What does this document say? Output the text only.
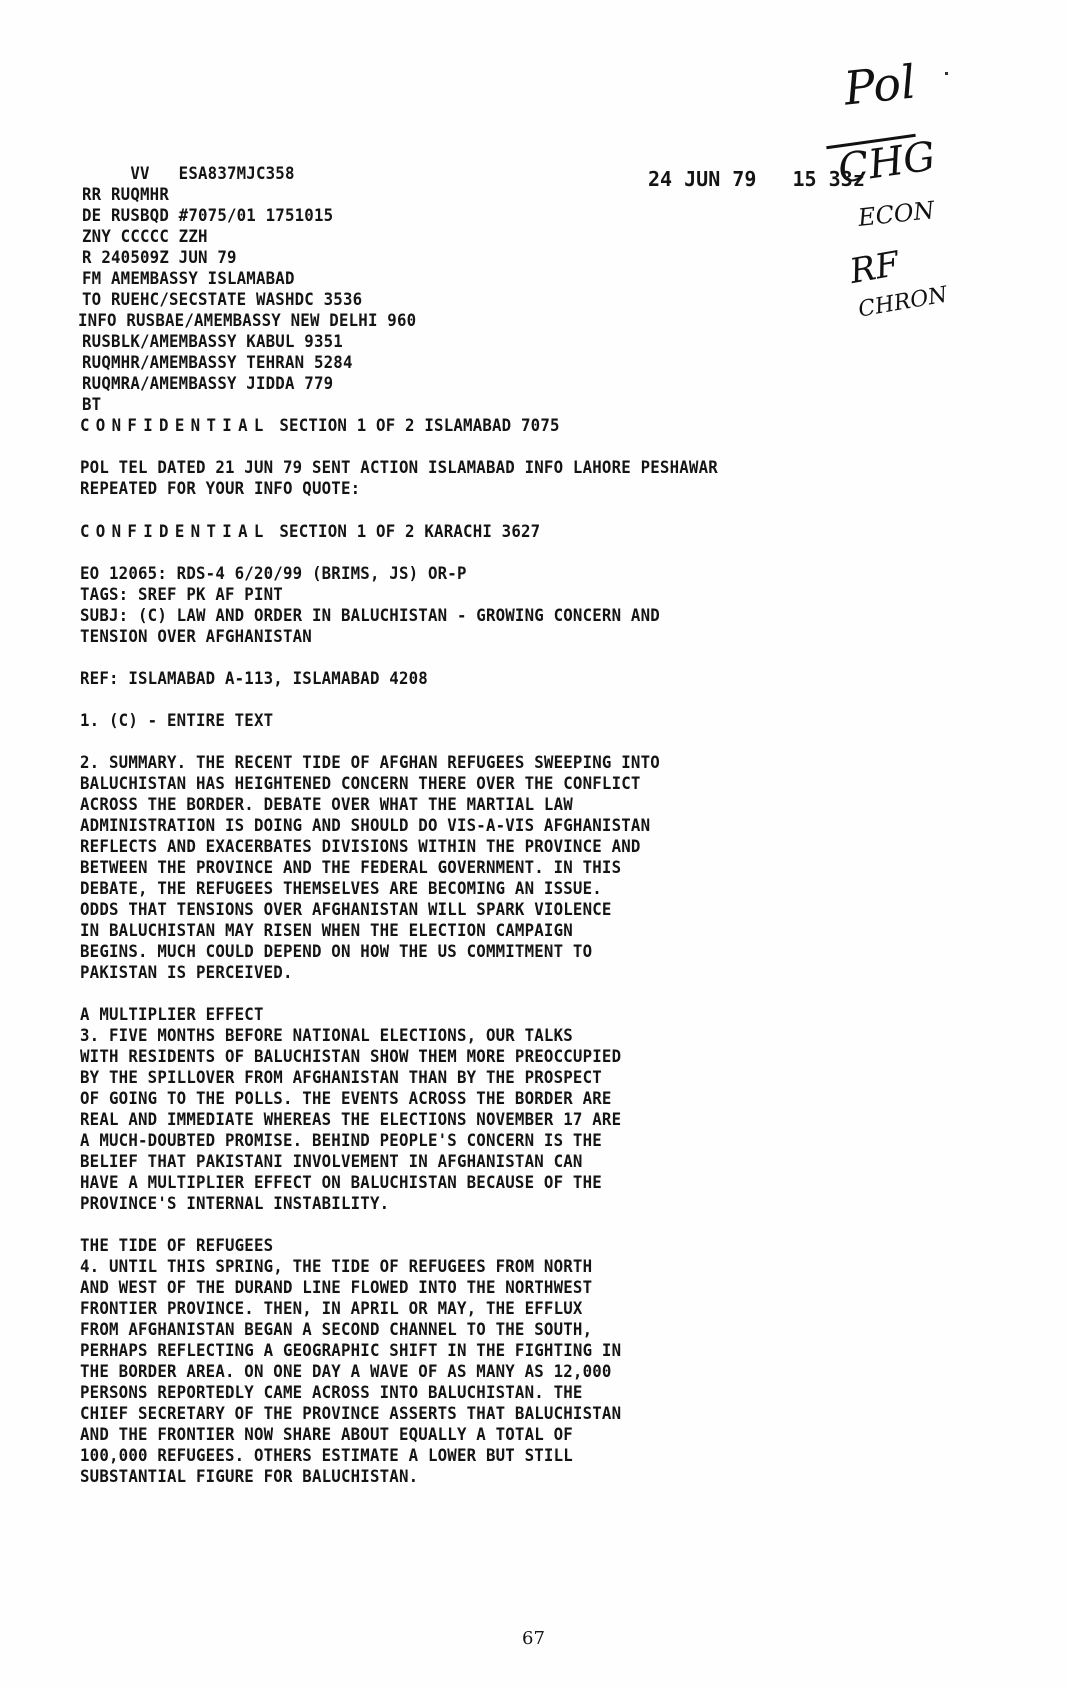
Pol
CHG
ECON
RF
CHRON
24 JUN 79   15 33z
VV   ESA837MJC358
RR RUQMHR
DE RUSBQD #7075/01 1751015
ZNY CCCCC ZZH
R 240509Z JUN 79
FM AMEMBASSY ISLAMABAD
TO RUEHC/SECSTATE WASHDC 3536
INFO RUSBAE/AMEMBASSY NEW DELHI 960
RUSBLK/AMEMBASSY KABUL 9351
RUQMHR/AMEMBASSY TEHRAN 5284
RUQMRA/AMEMBASSY JIDDA 779
BT
CONFIDENTIAL SECTION 1 OF 2 ISLAMABAD 7075
POL TEL DATED 21 JUN 79 SENT ACTION ISLAMABAD INFO LAHORE PESHAWAR
REPEATED FOR YOUR INFO QUOTE:
CONFIDENTIAL SECTION 1 OF 2 KARACHI 3627
EO 12065: RDS-4 6/20/99 (BRIMS, JS) OR-P
TAGS: SREF PK AF PINT
SUBJ: (C) LAW AND ORDER IN BALUCHISTAN - GROWING CONCERN AND
TENSION OVER AFGHANISTAN
REF: ISLAMABAD A-113, ISLAMABAD 4208
1. (C) - ENTIRE TEXT
2. SUMMARY. THE RECENT TIDE OF AFGHAN REFUGEES SWEEPING INTO
BALUCHISTAN HAS HEIGHTENED CONCERN THERE OVER THE CONFLICT
ACROSS THE BORDER. DEBATE OVER WHAT THE MARTIAL LAW
ADMINISTRATION IS DOING AND SHOULD DO VIS-A-VIS AFGHANISTAN
REFLECTS AND EXACERBATES DIVISIONS WITHIN THE PROVINCE AND
BETWEEN THE PROVINCE AND THE FEDERAL GOVERNMENT. IN THIS
DEBATE, THE REFUGEES THEMSELVES ARE BECOMING AN ISSUE.
ODDS THAT TENSIONS OVER AFGHANISTAN WILL SPARK VIOLENCE
IN BALUCHISTAN MAY RISEN WHEN THE ELECTION CAMPAIGN
BEGINS. MUCH COULD DEPEND ON HOW THE US COMMITMENT TO
PAKISTAN IS PERCEIVED.
A MULTIPLIER EFFECT
3. FIVE MONTHS BEFORE NATIONAL ELECTIONS, OUR TALKS
WITH RESIDENTS OF BALUCHISTAN SHOW THEM MORE PREOCCUPIED
BY THE SPILLOVER FROM AFGHANISTAN THAN BY THE PROSPECT
OF GOING TO THE POLLS. THE EVENTS ACROSS THE BORDER ARE
REAL AND IMMEDIATE WHEREAS THE ELECTIONS NOVEMBER 17 ARE
A MUCH-DOUBTED PROMISE. BEHIND PEOPLE'S CONCERN IS THE
BELIEF THAT PAKISTANI INVOLVEMENT IN AFGHANISTAN CAN
HAVE A MULTIPLIER EFFECT ON BALUCHISTAN BECAUSE OF THE
PROVINCE'S INTERNAL INSTABILITY.
THE TIDE OF REFUGEES
4. UNTIL THIS SPRING, THE TIDE OF REFUGEES FROM NORTH
AND WEST OF THE DURAND LINE FLOWED INTO THE NORTHWEST
FRONTIER PROVINCE. THEN, IN APRIL OR MAY, THE EFFLUX
FROM AFGHANISTAN BEGAN A SECOND CHANNEL TO THE SOUTH,
PERHAPS REFLECTING A GEOGRAPHIC SHIFT IN THE FIGHTING IN
THE BORDER AREA. ON ONE DAY A WAVE OF AS MANY AS 12,000
PERSONS REPORTEDLY CAME ACROSS INTO BALUCHISTAN. THE
CHIEF SECRETARY OF THE PROVINCE ASSERTS THAT BALUCHISTAN
AND THE FRONTIER NOW SHARE ABOUT EQUALLY A TOTAL OF
100,000 REFUGEES. OTHERS ESTIMATE A LOWER BUT STILL
SUBSTANTIAL FIGURE FOR BALUCHISTAN.
67
